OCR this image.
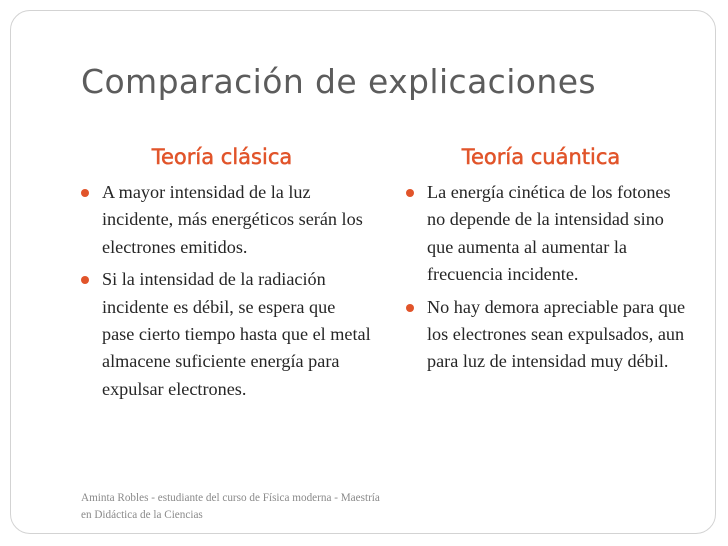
Comparación de explicaciones
Teoría clásica	Teoría cuántica
A mayor intensidad de la luz incidente, más energéticos serán los electrones emitidos.
Si la intensidad de la radiación incidente es débil, se espera que pase cierto tiempo hasta que el metal almacene suficiente energía para expulsar electrones.
La energía cinética de los fotones no depende de la intensidad sino que aumenta al aumentar la frecuencia incidente.
No hay demora apreciable para que los electrones sean expulsados, aun para luz de intensidad muy débil.

Aminta Robles - estudiante del curso de Física moderna - Maestría en Didáctica de la Ciencias
